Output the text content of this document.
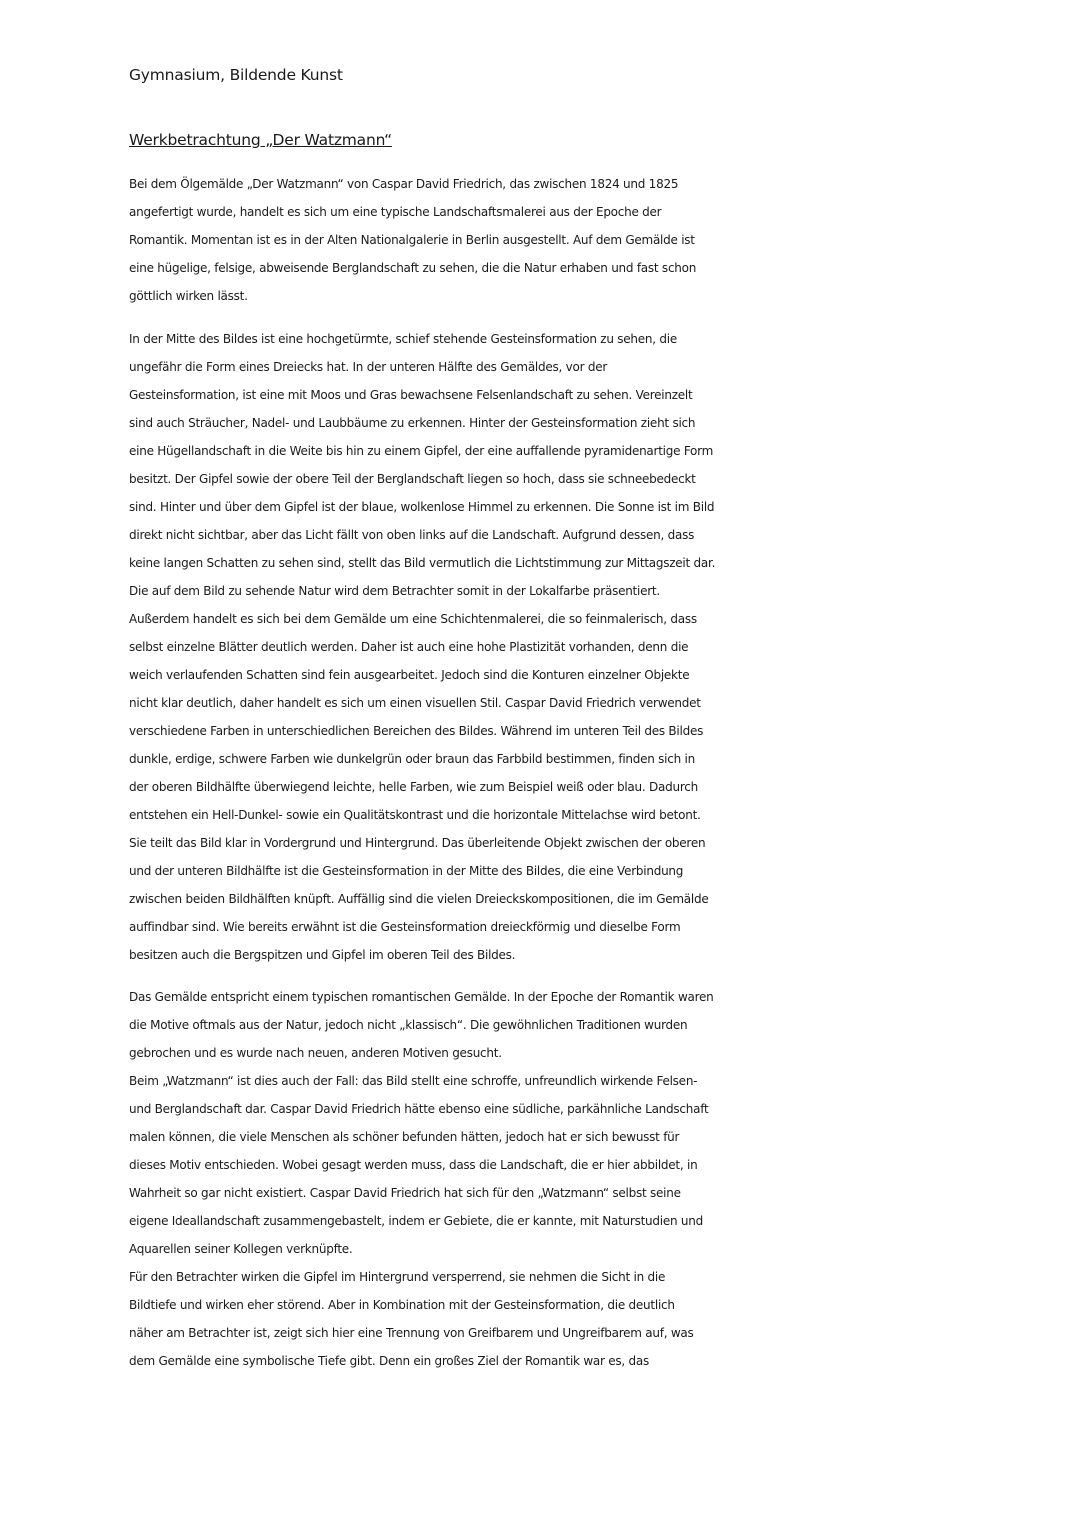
Gymnasium, Bildende Kunst
Werkbetrachtung „Der Watzmann“
Bei dem Ölgemälde „Der Watzmann“ von Caspar David Friedrich, das zwischen 1824 und 1825
angefertigt wurde, handelt es sich um eine typische Landschaftsmalerei aus der Epoche der
Romantik. Momentan ist es in der Alten Nationalgalerie in Berlin ausgestellt. Auf dem Gemälde ist
eine hügelige, felsige, abweisende Berglandschaft zu sehen, die die Natur erhaben und fast schon
göttlich wirken lässt.
In der Mitte des Bildes ist eine hochgetürmte, schief stehende Gesteinsformation zu sehen, die
ungefähr die Form eines Dreiecks hat. In der unteren Hälfte des Gemäldes, vor der
Gesteinsformation, ist eine mit Moos und Gras bewachsene Felsenlandschaft zu sehen. Vereinzelt
sind auch Sträucher, Nadel- und Laubbäume zu erkennen. Hinter der Gesteinsformation zieht sich
eine Hügellandschaft in die Weite bis hin zu einem Gipfel, der eine auffallende pyramidenartige Form
besitzt. Der Gipfel sowie der obere Teil der Berglandschaft liegen so hoch, dass sie schneebedeckt
sind. Hinter und über dem Gipfel ist der blaue, wolkenlose Himmel zu erkennen. Die Sonne ist im Bild
direkt nicht sichtbar, aber das Licht fällt von oben links auf die Landschaft. Aufgrund dessen, dass
keine langen Schatten zu sehen sind, stellt das Bild vermutlich die Lichtstimmung zur Mittagszeit dar.
Die auf dem Bild zu sehende Natur wird dem Betrachter somit in der Lokalfarbe präsentiert.
Außerdem handelt es sich bei dem Gemälde um eine Schichtenmalerei, die so feinmalerisch, dass
selbst einzelne Blätter deutlich werden. Daher ist auch eine hohe Plastizität vorhanden, denn die
weich verlaufenden Schatten sind fein ausgearbeitet. Jedoch sind die Konturen einzelner Objekte
nicht klar deutlich, daher handelt es sich um einen visuellen Stil. Caspar David Friedrich verwendet
verschiedene Farben in unterschiedlichen Bereichen des Bildes. Während im unteren Teil des Bildes
dunkle, erdige, schwere Farben wie dunkelgrün oder braun das Farbbild bestimmen, finden sich in
der oberen Bildhälfte überwiegend leichte, helle Farben, wie zum Beispiel weiß oder blau. Dadurch
entstehen ein Hell-Dunkel- sowie ein Qualitätskontrast und die horizontale Mittelachse wird betont.
Sie teilt das Bild klar in Vordergrund und Hintergrund. Das überleitende Objekt zwischen der oberen
und der unteren Bildhälfte ist die Gesteinsformation in der Mitte des Bildes, die eine Verbindung
zwischen beiden Bildhälften knüpft. Auffällig sind die vielen Dreieckskompositionen, die im Gemälde
auffindbar sind. Wie bereits erwähnt ist die Gesteinsformation dreieckförmig und dieselbe Form
besitzen auch die Bergspitzen und Gipfel im oberen Teil des Bildes.
Das Gemälde entspricht einem typischen romantischen Gemälde. In der Epoche der Romantik waren
die Motive oftmals aus der Natur, jedoch nicht „klassisch“. Die gewöhnlichen Traditionen wurden
gebrochen und es wurde nach neuen, anderen Motiven gesucht.
Beim „Watzmann“ ist dies auch der Fall: das Bild stellt eine schroffe, unfreundlich wirkende Felsen-
und Berglandschaft dar. Caspar David Friedrich hätte ebenso eine südliche, parkähnliche Landschaft
malen können, die viele Menschen als schöner befunden hätten, jedoch hat er sich bewusst für
dieses Motiv entschieden. Wobei gesagt werden muss, dass die Landschaft, die er hier abbildet, in
Wahrheit so gar nicht existiert. Caspar David Friedrich hat sich für den „Watzmann“ selbst seine
eigene Ideallandschaft zusammengebastelt, indem er Gebiete, die er kannte, mit Naturstudien und
Aquarellen seiner Kollegen verknüpfte.
Für den Betrachter wirken die Gipfel im Hintergrund versperrend, sie nehmen die Sicht in die
Bildtiefe und wirken eher störend. Aber in Kombination mit der Gesteinsformation, die deutlich
näher am Betrachter ist, zeigt sich hier eine Trennung von Greifbarem und Ungreifbarem auf, was
dem Gemälde eine symbolische Tiefe gibt. Denn ein großes Ziel der Romantik war es, das
